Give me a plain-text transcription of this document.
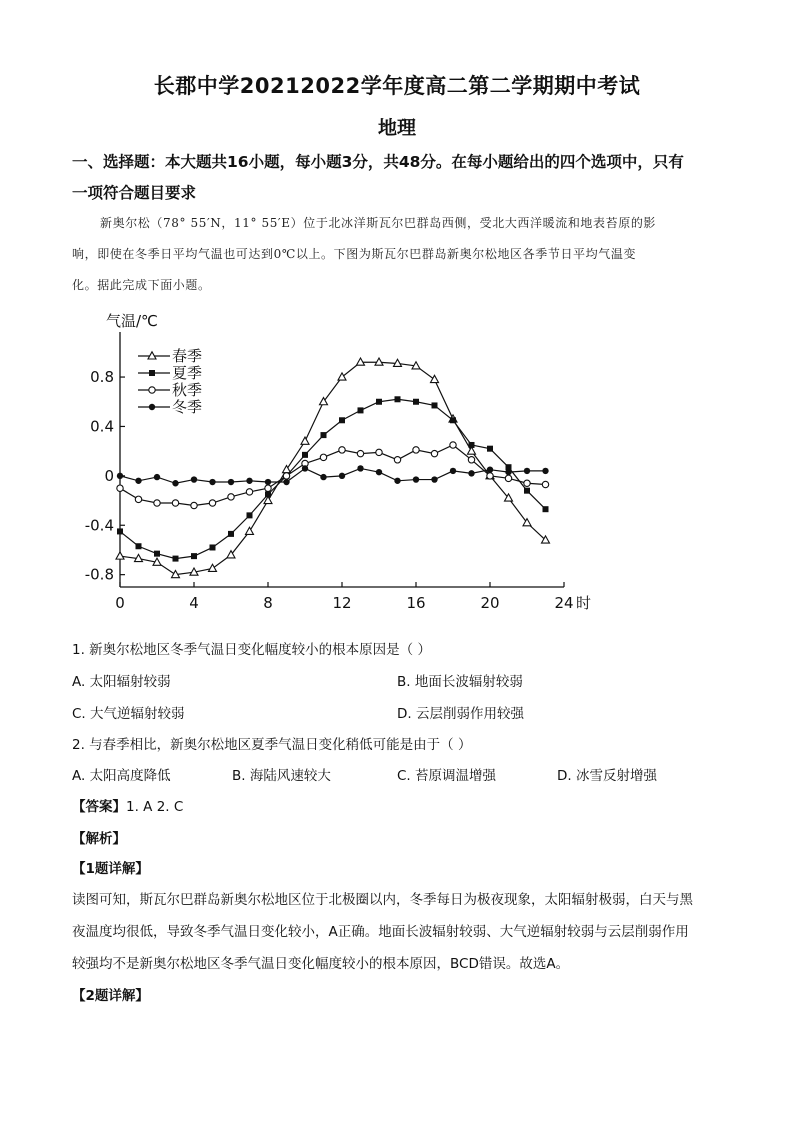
长郡中学20212022学年度高二第二学期期中考试
地理
一、选择题：本大题共16小题，每小题3分，共48分。在每小题给出的四个选项中，只有
一项符合题目要求
新奥尔松（78° 55′N，11° 55′E）位于北冰洋斯瓦尔巴群岛西侧，受北大西洋暖流和地表苔原的影
响，即使在冬季日平均气温也可达到0℃以上。下图为斯瓦尔巴群岛新奥尔松地区各季节日平均气温变
化。据此完成下面小题。
气温/℃
0.8
0.4
0
-0.4
-0.8
0	4	8	12	16	20	24 时
春季
夏季
秋季
冬季
1. 新奥尔松地区冬季气温日变化幅度较小的根本原因是（ ）
A. 太阳辐射较弱	B. 地面长波辐射较弱
C. 大气逆辐射较弱	D. 云层削弱作用较强
2. 与春季相比，新奥尔松地区夏季气温日变化稍低可能是由于（ ）
A. 太阳高度降低	B. 海陆风速较大	C. 苔原调温增强	D. 冰雪反射增强
【答案】1. A 2. C
【解析】
【1题详解】
读图可知，斯瓦尔巴群岛新奥尔松地区位于北极圈以内，冬季每日为极夜现象，太阳辐射极弱，白天与黑
夜温度均很低，导致冬季气温日变化较小，A正确。地面长波辐射较弱、大气逆辐射较弱与云层削弱作用
较强均不是新奥尔松地区冬季气温日变化幅度较小的根本原因，BCD错误。故选A。
【2题详解】
